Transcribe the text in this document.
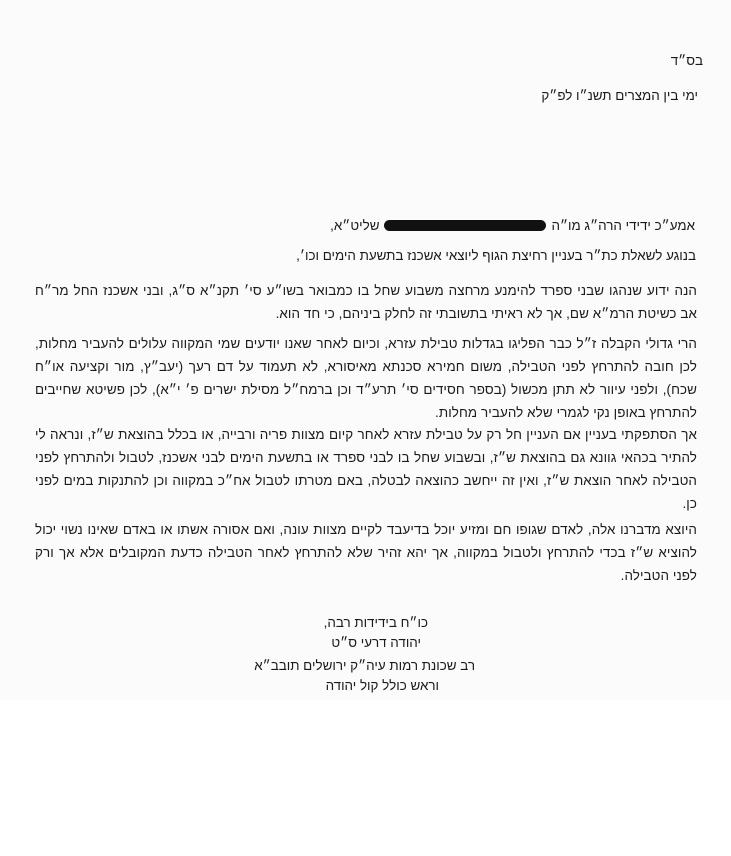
בס״ד
ימי בין המצרים תשנ״ו לפ״ק
אמע״כ ידידי הרה״ג מו״השליט״א,
בנוגע לשאלת כת״ר בעניין רחיצת הגוף ליוצאי אשכנז בתשעת הימים וכו׳,
הנה ידוע שנהגו שבני ספרד להימנע מרחצה משבוע שחל בו כמבואר בשו״ע סי׳ תקנ״א ס״ג, ובני אשכנז החל מר״ח אב כשיטת הרמ״א שם, אך לא ראיתי בתשובתי זה לחלק ביניהם, כי חד הוא.
הרי גדולי הקבלה ז״ל כבר הפליגו בגדלות טבילת עזרא, וכיום לאחר שאנו יודעים שמי המקווה עלולים להעביר מחלות, לכן חובה להתרחץ לפני הטבילה, משום חמירא סכנתא מאיסורא, לא תעמוד על דם רעך (יעב״ץ, מור וקציעה או״ח שכח), ולפני עיוור לא תתן מכשול (בספר חסידים סי׳ תרע״ד וכן ברמח״ל מסילת ישרים פ׳ י״א), לכן פשיטא שחייבים להתרחץ באופן נקי לגמרי שלא להעביר מחלות.
אך הסתפקתי בעניין אם העניין חל רק על טבילת עזרא לאחר קיום מצוות פריה ורבייה, או בכלל בהוצאת ש״ז, ונראה לי להתיר בכהאי גוונא גם בהוצאת ש״ז, ובשבוע שחל בו לבני ספרד או בתשעת הימים לבני אשכנז, לטבול ולהתרחץ לפני הטבילה לאחר הוצאת ש״ז, ואין זה ייחשב כהוצאה לבטלה, באם מטרתו לטבול אח״כ במקווה וכן להתנקות במים לפני כן.
היוצא מדברנו אלה, לאדם שגופו חם ומזיע יוכל בדיעבד לקיים מצוות עונה, ואם אסורה אשתו או באדם שאינו נשוי יכול להוציא ש״ז בכדי להתרחץ ולטבול במקווה, אך יהא זהיר שלא להתרחץ לאחר הטבילה כדעת המקובלים אלא אך ורק לפני הטבילה.
כו״ח בידידות רבה,
יהודה דרעי ס״ט
רב שכונת רמות עיה״ק ירושלים תובב״א
וראש כולל קול יהודה
